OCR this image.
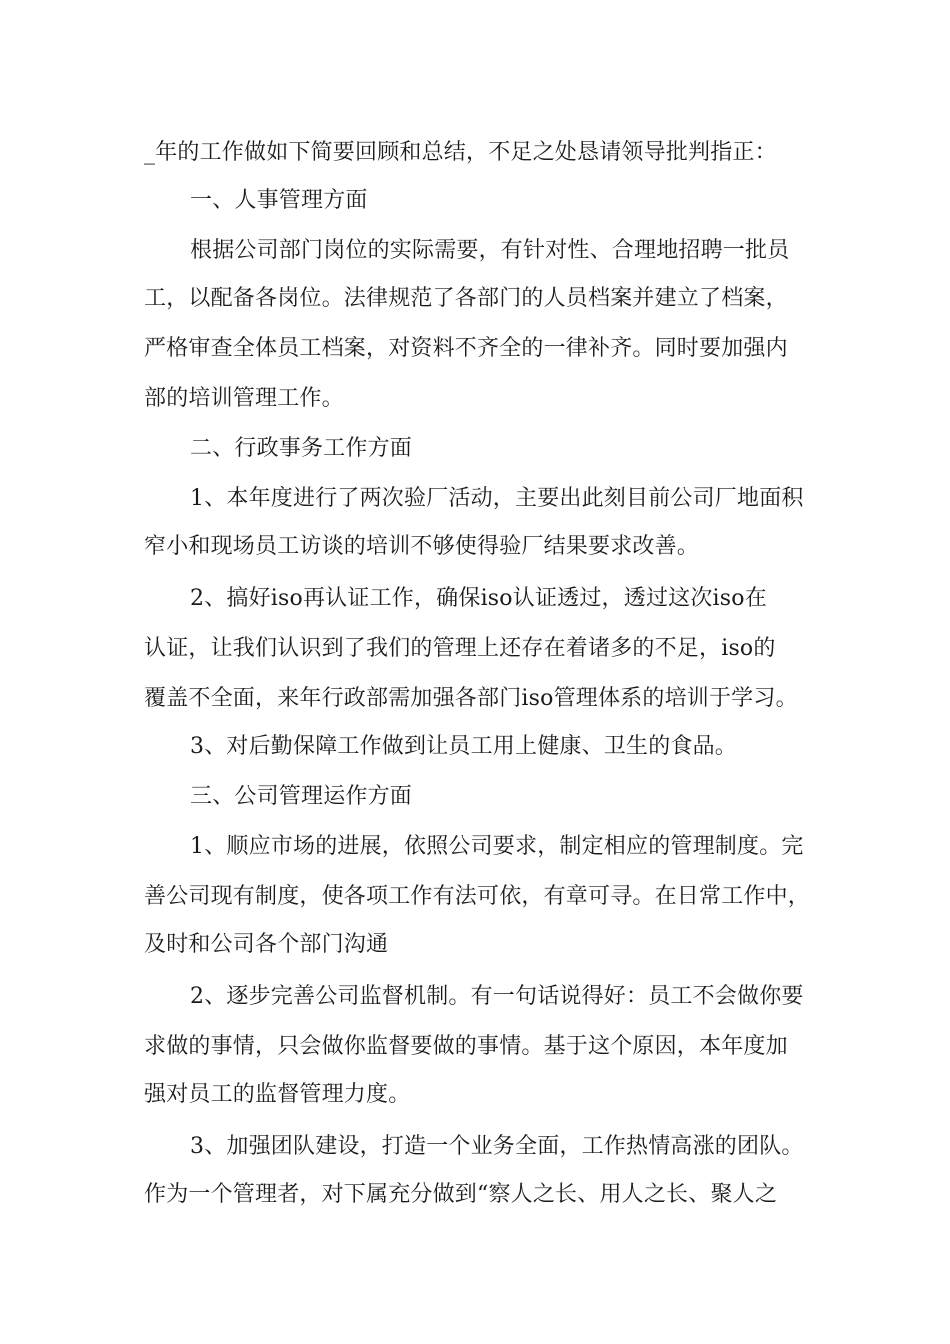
_年的工作做如下简要回顾和总结，不足之处恳请领导批判指正：

一、人事管理方面

根据公司部门岗位的实际需要，有针对性、合理地招聘一批员

工，以配备各岗位。法律规范了各部门的人员档案并建立了档案，

严格审查全体员工档案，对资料不齐全的一律补齐。同时要加强内

部的培训管理工作。

二、行政事务工作方面

1、本年度进行了两次验厂活动，主要出此刻目前公司厂地面积

窄小和现场员工访谈的培训不够使得验厂结果要求改善。

2、搞好iso再认证工作，确保iso认证透过，透过这次iso在

认证，让我们认识到了我们的管理上还存在着诸多的不足，iso的

覆盖不全面，来年行政部需加强各部门iso管理体系的培训于学习。

3、对后勤保障工作做到让员工用上健康、卫生的食品。

三、公司管理运作方面

1、顺应市场的进展，依照公司要求，制定相应的管理制度。完

善公司现有制度，使各项工作有法可依，有章可寻。在日常工作中，

及时和公司各个部门沟通

2、逐步完善公司监督机制。有一句话说得好：员工不会做你要

求做的事情，只会做你监督要做的事情。基于这个原因，本年度加

强对员工的监督管理力度。

3、加强团队建设，打造一个业务全面，工作热情高涨的团队。

作为一个管理者，对下属充分做到“察人之长、用人之长、聚人之
